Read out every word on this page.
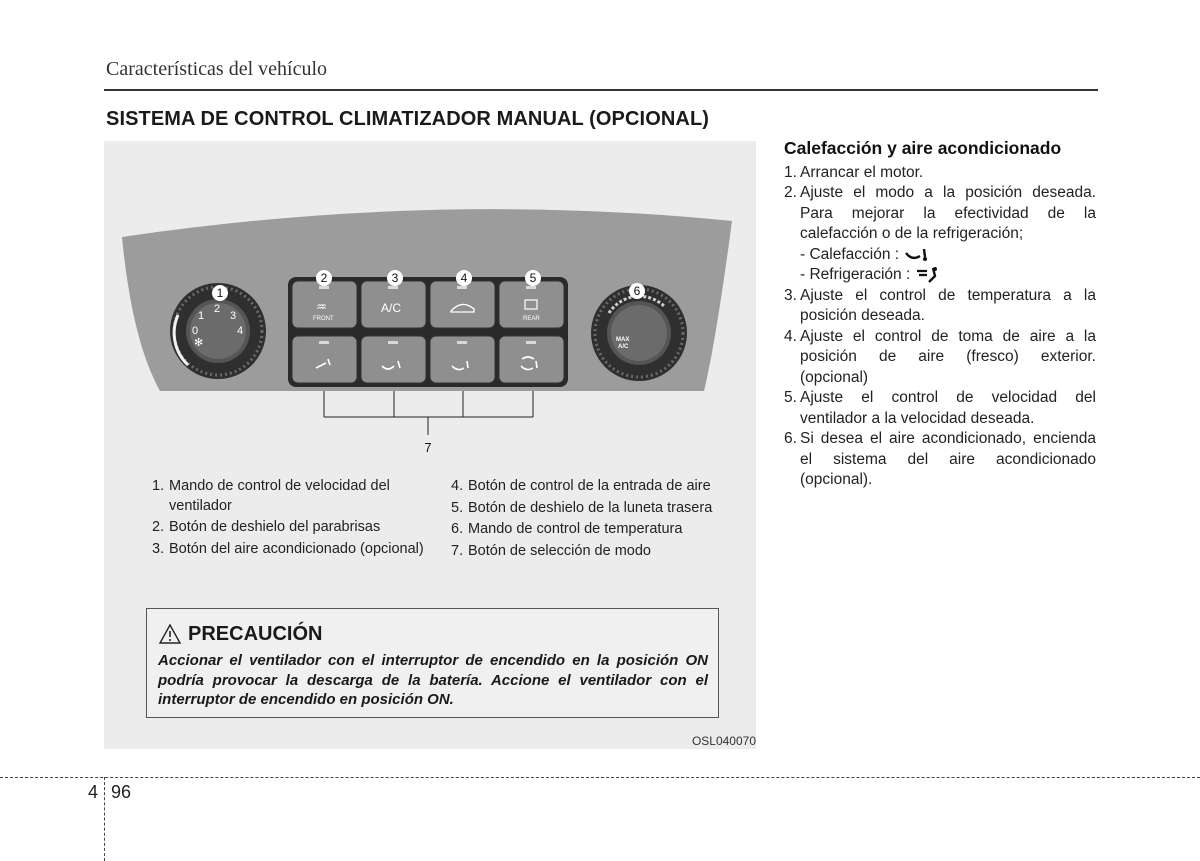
Características del vehículo
SISTEMA DE CONTROL CLIMATIZADOR MANUAL (OPCIONAL)
0
1
2
3
4
✻	MAX
A/C
♒
FRONT
A/C
REAR
1
2	3	4	5
6
7
1. Mando de control de velocidad del ventilador
2. Botón de deshielo del parabrisas
3. Botón del aire acondicionado (opcional)
4. Botón de control de la entrada de aire
5. Botón de deshielo de la luneta trasera
6. Mando de control de temperatura
7. Botón de selección de modo
PRECAUCIÓN
Accionar el ventilador con el interruptor de encendido en la posición ON podría provocar la descarga de la batería. Accione el ventilador con el interruptor de encendido en posición ON.
OSL040070
Calefacción y aire acondicionado
1. Arrancar el motor.
2. Ajuste el modo a la posición deseada. Para mejorar la efectividad de la calefacción o de la refrigeración;
- Calefacción :
- Refrigeración :
3. Ajuste el control de temperatura a la posición deseada.
4. Ajuste el control de toma de aire a la posición de aire (fresco) exterior. (opcional)
5. Ajuste el control de velocidad del ventilador a la velocidad deseada.
6. Si desea el aire acondicionado, encienda el sistema del aire acondicionado (opcional).
4 96
